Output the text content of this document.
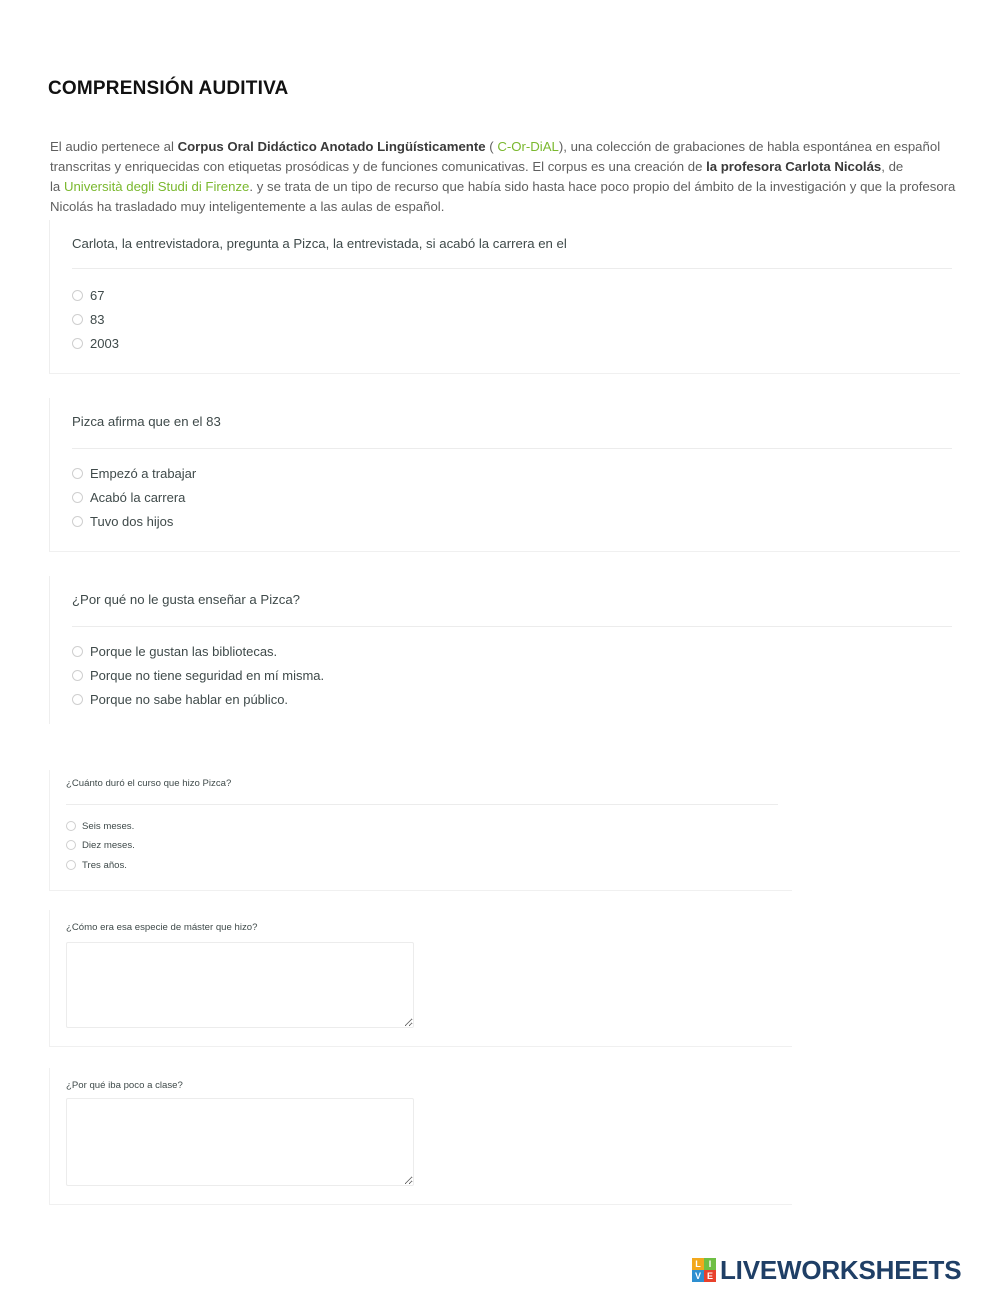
COMPRENSIÓN AUDITIVA

El audio pertenece al Corpus Oral Didáctico Anotado Lingüísticamente ( C-Or-DiAL), una colección de grabaciones de habla espontánea en español
transcritas y enriquecidas con etiquetas prosódicas y de funciones comunicativas. El corpus es una creación de la profesora Carlota Nicolás, de
la Università degli Studi di Firenze. y se trata de un tipo de recurso que había sido hasta hace poco propio del ámbito de la investigación y que la profesora
Nicolás ha trasladado muy inteligentemente a las aulas de español.

Carlota, la entrevistadora, pregunta a Pizca, la entrevistada, si acabó la carrera en el
67
83
2003
Pizca afirma que en el 83
Empezó a trabajar
Acabó la carrera
Tuvo dos hijos
¿Por qué no le gusta enseñar a Pizca?
Porque le gustan las bibliotecas.
Porque no tiene seguridad en mí misma.
Porque no sabe hablar en público.
¿Cuánto duró el curso que hizo Pizca?
Seis meses.
Diez meses.
Tres años.
¿Cómo era esa especie de máster que hizo?
¿Por qué iba poco a clase?
L I
V E LIVEWORKSHEETS
